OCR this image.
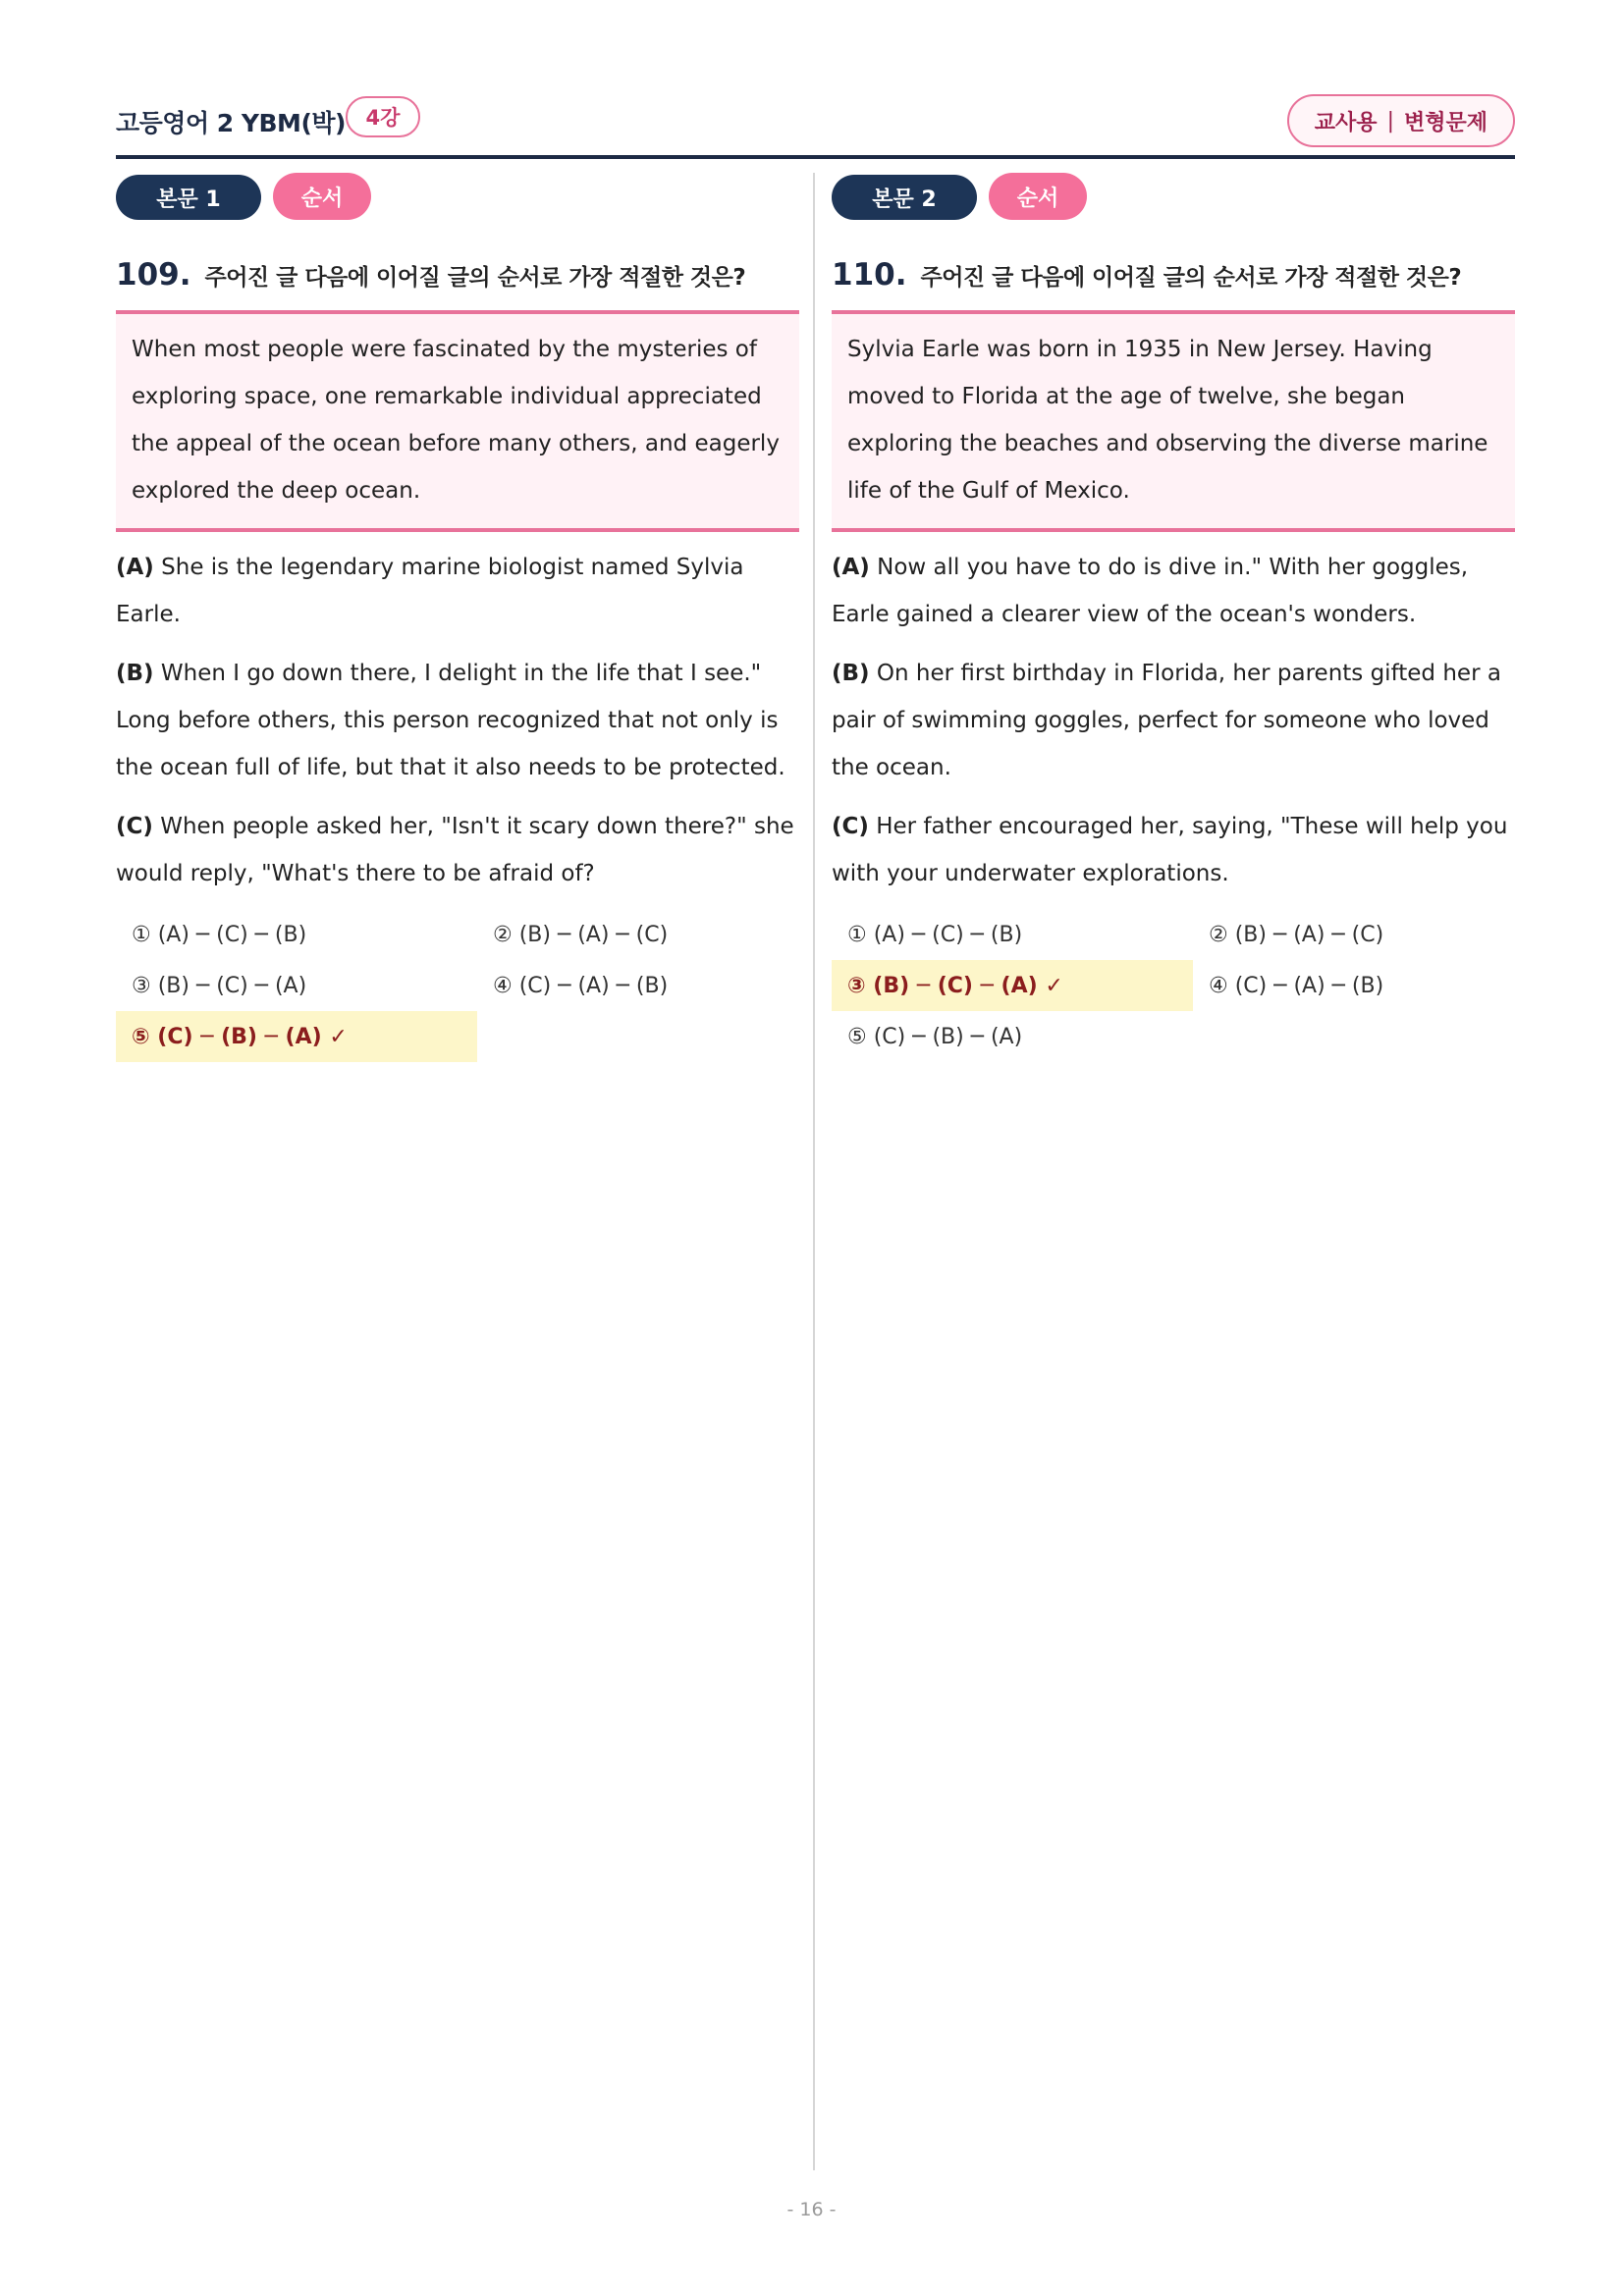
고등영어 2 YBM(박) 4강	교사용 | 변형문제
본문 1	순서
109. 주어진 글 다음에 이어질 글의 순서로 가장 적절한 것은?
When most people were fascinated by the mysteries of exploring space, one remarkable individual appreciated the appeal of the ocean before many others, and eagerly explored the deep ocean.

(A) She is the legendary marine biologist named Sylvia Earle.

(B) When I go down there, I delight in the life that I see." Long before others, this person recognized that not only is the ocean full of life, but that it also needs to be protected.

(C) When people asked her, "Isn't it scary down there?" she would reply, "What's there to be afraid of?

① (A) ─ (C) ─ (B)	② (B) ─ (A) ─ (C)
③ (B) ─ (C) ─ (A)	④ (C) ─ (A) ─ (B)
⑤ (C) ─ (B) ─ (A) ✓
본문 2	순서
110. 주어진 글 다음에 이어질 글의 순서로 가장 적절한 것은?
Sylvia Earle was born in 1935 in New Jersey. Having moved to Florida at the age of twelve, she began exploring the beaches and observing the diverse marine life of the Gulf of Mexico.

(A) Now all you have to do is dive in." With her goggles, Earle gained a clearer view of the ocean's wonders.

(B) On her first birthday in Florida, her parents gifted her a pair of swimming goggles, perfect for someone who loved the ocean.

(C) Her father encouraged her, saying, "These will help you with your underwater explorations.

① (A) ─ (C) ─ (B)	② (B) ─ (A) ─ (C)
③ (B) ─ (C) ─ (A) ✓	④ (C) ─ (A) ─ (B)
⑤ (C) ─ (B) ─ (A)
- 16 -
